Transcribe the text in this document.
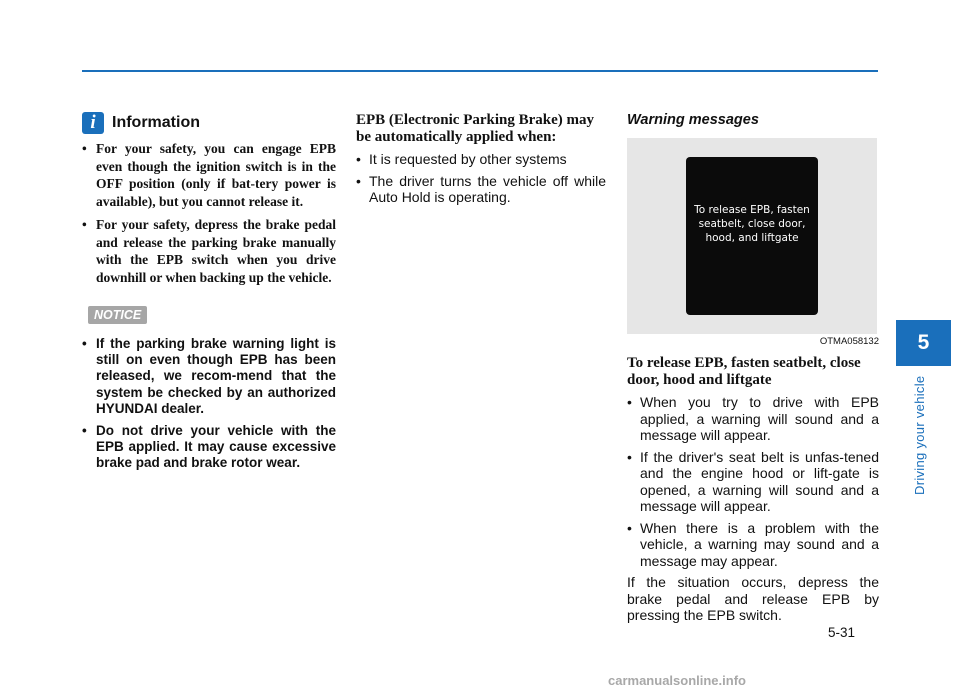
i	Information
• For your safety, you can engage EPB even though the ignition switch is in the OFF position (only if bat-tery power is available), but you cannot release it.
• For your safety, depress the brake pedal and release the parking brake manually with the EPB switch when you drive downhill or when backing up the vehicle.
NOTICE
• If the parking brake warning light is still on even though EPB has been released, we recom-mend that the system be checked by an authorized HYUNDAI dealer.
• Do not drive your vehicle with the EPB applied. It may cause excessive brake pad and brake rotor wear.
EPB (Electronic Parking Brake) may be automatically applied when:
• It is requested by other systems
• The driver turns the vehicle off while Auto Hold is operating.
Warning messages
To release EPB, fasten seatbelt, close door, hood, and liftgate
OTMA058132
To release EPB, fasten seatbelt, close door, hood and liftgate
• When you try to drive with EPB applied, a warning will sound and a message will appear.
• If the driver's seat belt is unfas-tened and the engine hood or lift-gate is opened, a warning will sound and a message will appear.
• When there is a problem with the vehicle, a warning may sound and a message may appear.

If the situation occurs, depress the brake pedal and release EPB by pressing the EPB switch.

5
Driving your vehicle
5-31
carmanualsonline.info
